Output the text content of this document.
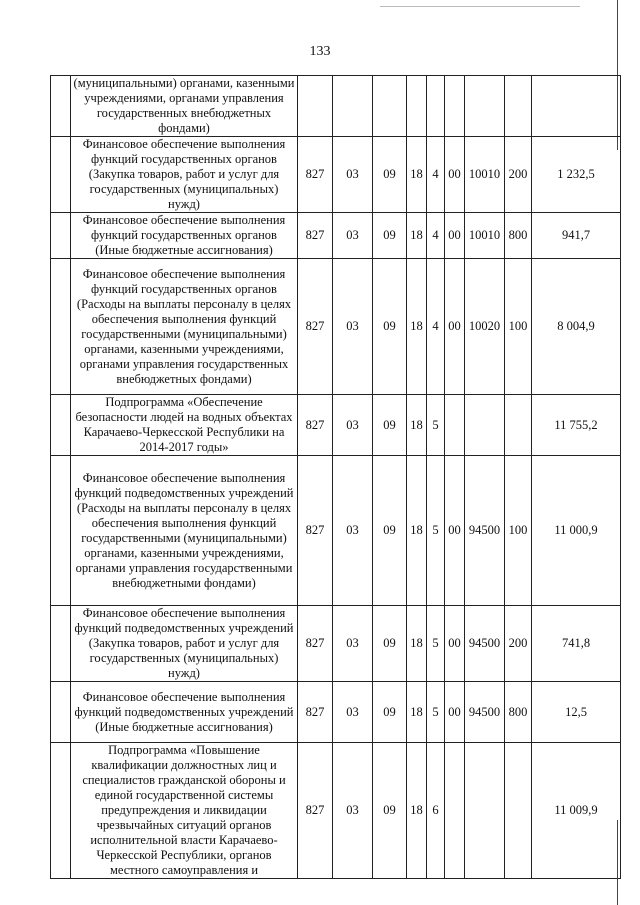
133
	(муниципальными) органами, казенными учреждениями, органами управления государственных внебюджетных фондами)									
	Финансовое обеспечение выполнения функций государственных органов (Закупка товаров, работ и услуг для государственных (муниципальных) нужд)	827	03	09	18	4	00	10010	200	1 232,5
	Финансовое обеспечение выполнения функций государственных органов (Иные бюджетные ассигнования)	827	03	09	18	4	00	10010	800	941,7
	Финансовое обеспечение выполнения функций государственных органов (Расходы на выплаты персоналу в целях обеспечения выполнения функций государственными (муниципальными) органами, казенными учреждениями, органами управления государственных внебюджетных фондами)	827	03	09	18	4	00	10020	100	8 004,9
	Подпрограмма «Обеспечение безопасности людей на водных объектах Карачаево-Черкесской Республики на 2014-2017 годы»	827	03	09	18	5				11 755,2
	Финансовое обеспечение выполнения функций подведомственных учреждений (Расходы на выплаты персоналу в целях обеспечения выполнения функций государственными (муниципальными) органами, казенными учреждениями, органами управления государственными внебюджетными фондами)	827	03	09	18	5	00	94500	100	11 000,9
	Финансовое обеспечение выполнения функций подведомственных учреждений (Закупка товаров, работ и услуг для государственных (муниципальных) нужд)	827	03	09	18	5	00	94500	200	741,8
	Финансовое обеспечение выполнения функций подведомственных учреждений (Иные бюджетные ассигнования)	827	03	09	18	5	00	94500	800	12,5
	Подпрограмма «Повышение квалификации должностных лиц и специалистов гражданской обороны и единой государственной системы предупреждения и ликвидации чрезвычайных ситуаций органов исполнительной власти Карачаево-Черкесской Республики, органов местного самоуправления и	827	03	09	18	6				11 009,9
